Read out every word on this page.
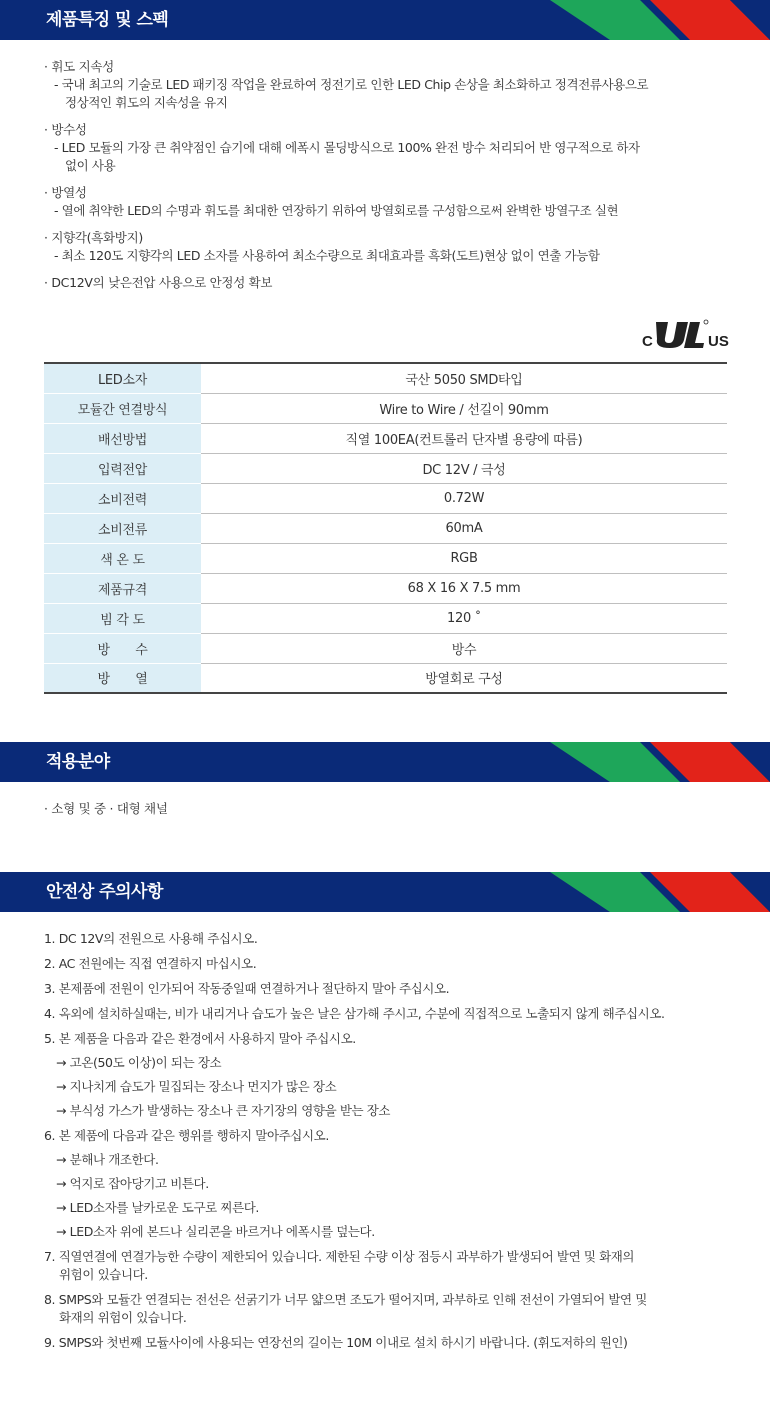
제품특징 및 스펙
· 휘도 지속성
- 국내 최고의 기술로 LED 패키징 작업을 완료하여 정전기로 인한 LED Chip 손상을 최소화하고 정격전류사용으로
정상적인 휘도의 지속성을 유지
· 방수성
- LED 모듈의 가장 큰 취약점인 습기에 대해 에폭시 몰딩방식으로 100% 완전 방수 처리되어 반 영구적으로 하자
없이 사용
· 방열성
- 열에 취약한 LED의 수명과 휘도를 최대한 연장하기 위하여 방열회로를 구성함으로써 완벽한 방열구조 실현
· 지향각(흑화방지)
- 최소 120도 지향각의 LED 소자를 사용하여 최소수량으로 최대효과를 흑화(도트)현상 없이 연출 가능함
· DC12V의 낮은전압 사용으로 안정성 확보
C	US
LED소자	국산 5050 SMD타입
모듈간 연결방식	Wire to Wire / 선길이 90mm
배선방법	직열 100EA(컨트롤러 단자별 용량에 따름)
입력전압	DC 12V / 극성
소비전력	0.72W
소비전류	60mA
색 온 도	RGB
제품규격	68 X 16 X 7.5 mm
빔 각 도	120 ˚
방　　수	방수
방　　열	방열회로 구성
적용분야
· 소형 및 중 · 대형 채널
안전상 주의사항
1. DC 12V의 전원으로 사용해 주십시오.
2. AC 전원에는 직접 연결하지 마십시오.
3. 본제품에 전원이 인가되어 작동중일때 연결하거나 절단하지 말아 주십시오.
4. 옥외에 설치하실때는, 비가 내리거나 습도가 높은 날은 삼가해 주시고, 수분에 직접적으로 노출되지 않게 해주십시오.
5. 본 제품을 다음과 같은 환경에서 사용하지 말아 주십시오.
→ 고온(50도 이상)이 되는 장소
→ 지나치게 습도가 밀집되는 장소나 먼지가 많은 장소
→ 부식성 가스가 발생하는 장소나 큰 자기장의 영향을 받는 장소
6. 본 제품에 다음과 같은 행위를 행하지 말아주십시오.
→ 분해나 개조한다.
→ 억지로 잡아당기고 비튼다.
→ LED소자를 날카로운 도구로 찌른다.
→ LED소자 위에 본드나 실리콘을 바르거나 에폭시를 덮는다.
7. 직열연결에 연결가능한 수량이 제한되어 있습니다. 제한된 수량 이상 점등시 과부하가 발생되어 발연 및 화재의
위험이 있습니다.
8. SMPS와 모듈간 연결되는 전선은 선굵기가 너무 얇으면 조도가 떨어지며, 과부하로 인해 전선이 가열되어 발연 및
화재의 위험이 있습니다.
9. SMPS와 첫번째 모듈사이에 사용되는 연장선의 길이는 10M 이내로 설치 하시기 바랍니다. (휘도저하의 원인)
